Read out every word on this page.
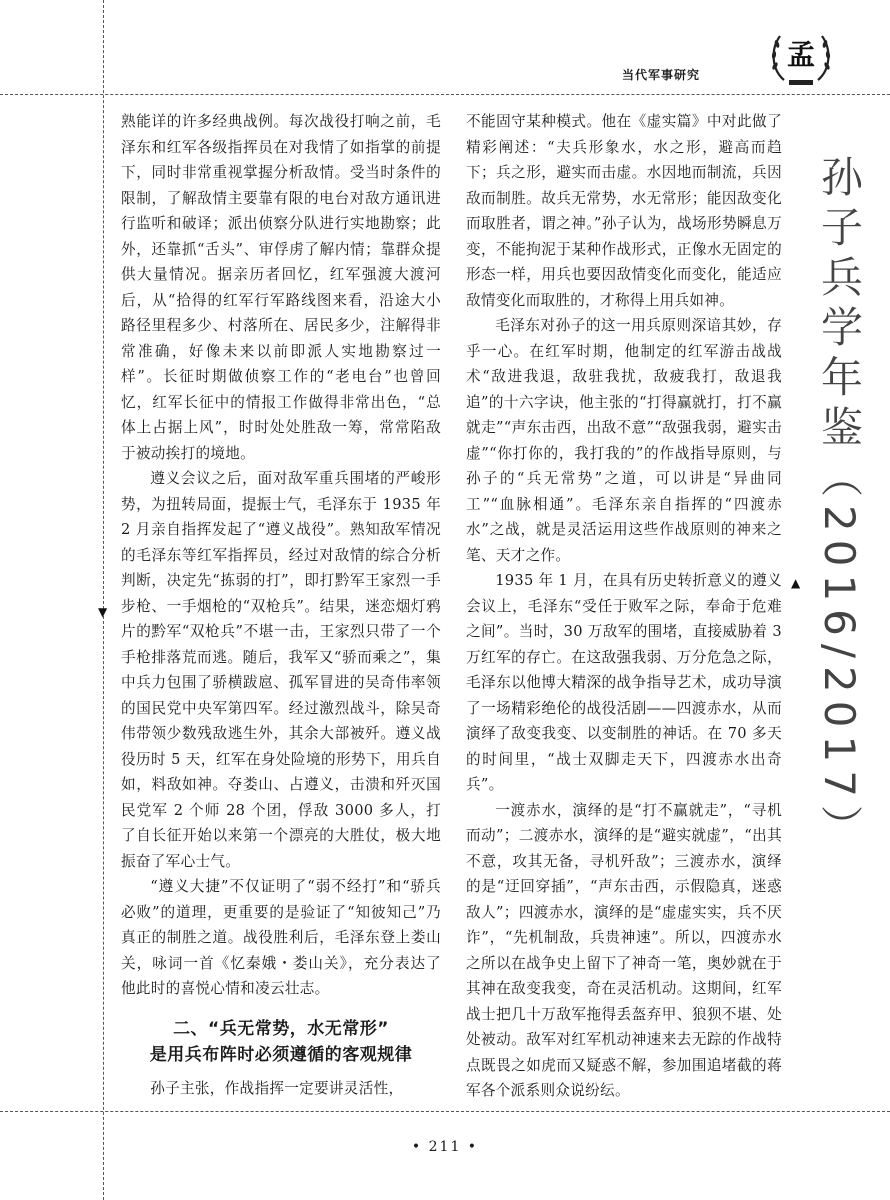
▼
▲
当代军事研究
孟
孙子兵学年鉴（2016/2017）

熟能详的许多经典战例。每次战役打响之前，毛泽东和红军各级指挥员在对我情了如指掌的前提下，同时非常重视掌握分析敌情。受当时条件的限制，了解敌情主要靠有限的电台对敌方通讯进行监听和破译；派出侦察分队进行实地勘察；此外，还靠抓“舌头”、审俘虏了解内情；靠群众提供大量情况。据亲历者回忆，红军强渡大渡河后，从“拾得的红军行军路线图来看，沿途大小路径里程多少、村落所在、居民多少，注解得非常准确，好像未来以前即派人实地勘察过一样”。长征时期做侦察工作的“老电台”也曾回忆，红军长征中的情报工作做得非常出色，“总体上占据上风”，时时处处胜敌一筹，常常陷敌于被动挨打的境地。

遵义会议之后，面对敌军重兵围堵的严峻形势，为扭转局面，提振士气，毛泽东于 1935 年 2 月亲自指挥发起了“遵义战役”。熟知敌军情况的毛泽东等红军指挥员，经过对敌情的综合分析判断，决定先“拣弱的打”，即打黔军王家烈一手步枪、一手烟枪的“双枪兵”。结果，迷恋烟灯鸦片的黔军“双枪兵”不堪一击，王家烈只带了一个手枪排落荒而逃。随后，我军又“骄而乘之”，集中兵力包围了骄横跋扈、孤军冒进的吴奇伟率领的国民党中央军第四军。经过激烈战斗，除吴奇伟带领少数残敌逃生外，其余大部被歼。遵义战役历时 5 天，红军在身处险境的形势下，用兵自如，料敌如神。夺娄山、占遵义，击溃和歼灭国民党军 2 个师 28 个团，俘敌 3000 多人，打了自长征开始以来第一个漂亮的大胜仗，极大地振奋了军心士气。

“遵义大捷”不仅证明了“弱不经打”和“骄兵必败”的道理，更重要的是验证了“知彼知己”乃真正的制胜之道。战役胜利后，毛泽东登上娄山关，咏词一首《忆秦娥・娄山关》，充分表达了他此时的喜悦心情和凌云壮志。

二、“兵无常势，水无常形”
是用兵布阵时必须遵循的客观规律

孙子主张，作战指挥一定要讲灵活性，

不能固守某种模式。他在《虚实篇》中对此做了精彩阐述：“夫兵形象水，水之形，避高而趋下；兵之形，避实而击虚。水因地而制流，兵因敌而制胜。故兵无常势，水无常形；能因敌变化而取胜者，谓之神。”孙子认为，战场形势瞬息万变，不能拘泥于某种作战形式，正像水无固定的形态一样，用兵也要因敌情变化而变化，能适应敌情变化而取胜的，才称得上用兵如神。

毛泽东对孙子的这一用兵原则深谙其妙，存乎一心。在红军时期，他制定的红军游击战战术“敌进我退，敌驻我扰，敌疲我打，敌退我追”的十六字诀，他主张的“打得赢就打，打不赢就走”“声东击西，出敌不意”“敌强我弱，避实击虚”“你打你的，我打我的”的作战指导原则，与孙子的“兵无常势”之道，可以讲是“异曲同工”“血脉相通”。毛泽东亲自指挥的“四渡赤水”之战，就是灵活运用这些作战原则的神来之笔、天才之作。

1935 年 1 月，在具有历史转折意义的遵义会议上，毛泽东“受任于败军之际，奉命于危难之间”。当时，30 万敌军的围堵，直接威胁着 3 万红军的存亡。在这敌强我弱、万分危急之际，毛泽东以他博大精深的战争指导艺术，成功导演了一场精彩绝伦的战役活剧——四渡赤水，从而演绎了敌变我变、以变制胜的神话。在 70 多天的时间里，“战士双脚走天下，四渡赤水出奇兵”。

一渡赤水，演绎的是“打不赢就走”，“寻机而动”；二渡赤水，演绎的是“避实就虚”，“出其不意，攻其无备，寻机歼敌”；三渡赤水，演绎的是“迂回穿插”，“声东击西，示假隐真，迷惑敌人”；四渡赤水，演绎的是“虚虚实实，兵不厌诈”，“先机制敌，兵贵神速”。所以，四渡赤水之所以在战争史上留下了神奇一笔，奥妙就在于其神在敌变我变，奇在灵活机动。这期间，红军战士把几十万敌军拖得丢盔弃甲、狼狈不堪、处处被动。敌军对红军机动神速来去无踪的作战特点既畏之如虎而又疑惑不解，参加围追堵截的蒋军各个派系则众说纷纭。

• 211 •
